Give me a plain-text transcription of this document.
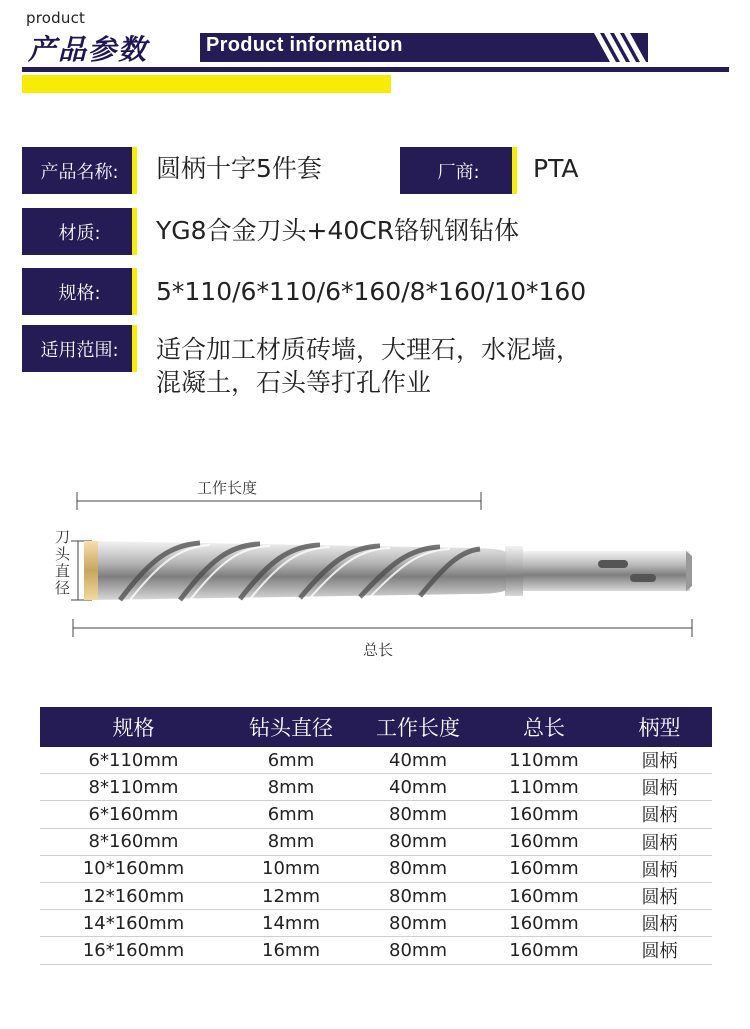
product
产品参数	Product information
产品名称: 圆柄十字5件套	厂商: PTA
材质: YG8合金刀头+40CR铬钒钢钻体
规格: 5*110/6*110/6*160/8*160/10*160
适用范围: 适合加工材质砖墙，大理石，水泥墙，
混凝土，石头等打孔作业
工作长度
总长
刀
头
直
径
规格	钻头直径	工作长度	总长	柄型
6*110mm	6mm	40mm	110mm	圆柄
8*110mm	8mm	40mm	110mm	圆柄
6*160mm	6mm	80mm	160mm	圆柄
8*160mm	8mm	80mm	160mm	圆柄
10*160mm	10mm	80mm	160mm	圆柄
12*160mm	12mm	80mm	160mm	圆柄
14*160mm	14mm	80mm	160mm	圆柄
16*160mm	16mm	80mm	160mm	圆柄
